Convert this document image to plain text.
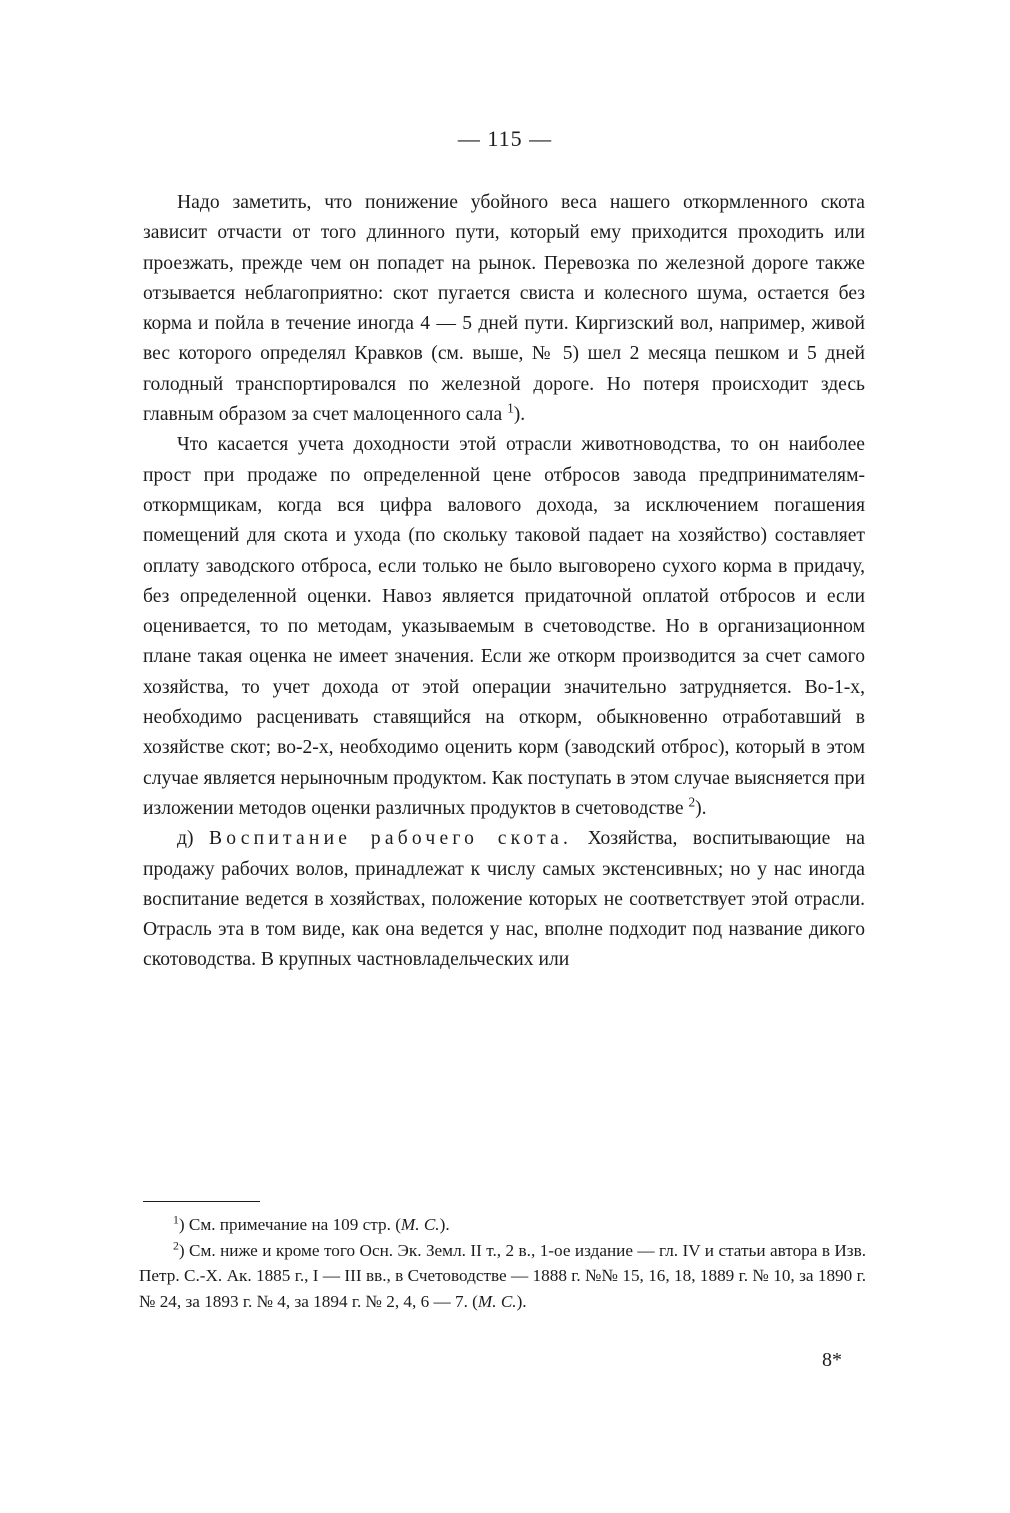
— 115 —

Надо заметить, что понижение убойного веса нашего откормленного скота зависит отчасти от того длинного пути, который ему приходится проходить или проезжать, прежде чем он попадет на рынок. Перевозка по железной дороге также отзывается неблагоприятно: скот пугается свиста и колесного шума, остается без корма и пойла в течение иногда 4 — 5 дней пути. Киргизский вол, например, живой вес которого определял Кравков (см. выше, № 5) шел 2 месяца пешком и 5 дней голодный транспортировался по железной дороге. Но потеря происходит здесь главным образом за счет малоценного сала $^1$).

Что касается учета доходности этой отрасли животноводства, то он наиболее прост при продаже по определенной цене отбросов завода предпринимателям-откормщикам, когда вся цифра валового дохода, за исключением погашения помещений для скота и ухода (по скольку таковой падает на хозяйство) составляет оплату заводского отброса, если только не было выговорено сухого корма в придачу, без определенной оценки. Навоз является придаточной оплатой отбросов и если оценивается, то по методам, указываемым в счетоводстве. Но в организационном плане такая оценка не имеет значения. Если же откорм производится за счет самого хозяйства, то учет дохода от этой операции значительно затрудняется. Во-1-х, необходимо расценивать ставящийся на откорм, обыкновенно отработавший в хозяйстве скот; во-2-х, необходимо оценить корм (заводский отброс), который в этом случае является нерыночным продуктом. Как поступать в этом случае выясняется при изложении методов оценки различных продуктов в счетоводстве $^2$).

д) Воспитание рабочего скота. Хозяйства, воспитывающие на продажу рабочих волов, принадлежат к числу самых экстенсивных; но у нас иногда воспитание ведется в хозяйствах, положение которых не соответствует этой отрасли. Отрасль эта в том виде, как она ведется у нас, вполне подходит под название дикого скотоводства. В крупных частновладельческих или

$^1$) См. примечание на 109 стр. (М. С.).

$^2$) См. ниже и кроме того Осн. Эк. Земл. II т., 2 в., 1-ое издание — гл. IV и статьи автора в Изв. Петр. С.-Х. Ак. 1885 г., I — III вв., в Счетоводстве — 1888 г. №№ 15, 16, 18, 1889 г. № 10, за 1890 г. № 24, за 1893 г. № 4, за 1894 г. № 2, 4, 6 — 7. (М. С.).

8*
